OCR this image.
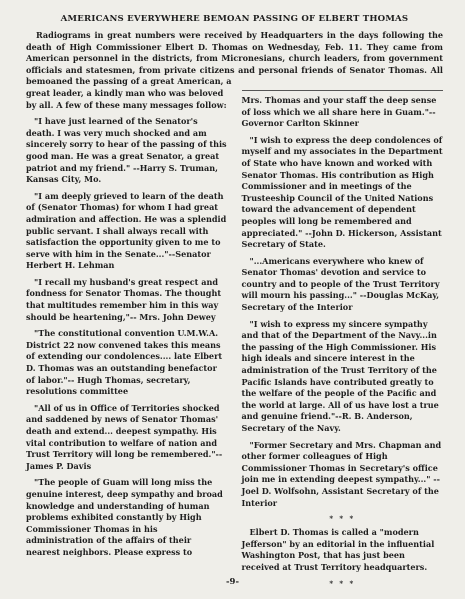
AMERICANS EVERYWHERE BEMOAN PASSING OF ELBERT THOMAS

Radiograms in great numbers were received by Headquarters in the days following the death of High Commissioner Elbert D. Thomas on Wednesday, Feb. 11. They came from American personnel in the districts, from Micronesians, church leaders, from government officials and statesmen, from private citizens and personal friends of Senator Thomas. All bemoaned the passing of a great American, a

great leader, a kindly man who was beloved by all. A few of these many messages follow:

"I have just learned of the Senator's death. I was very much shocked and am sincerely sorry to hear of the passing of this good man. He was a great Senator, a great patriot and my friend." --Harry S. Truman, Kansas City, Mo.

"I am deeply grieved to learn of the death of (Senator Thomas) for whom I had great admiration and affection. He was a splendid public servant. I shall always recall with satisfaction the opportunity given to me to serve with him in the Senate..."--Senator Herbert H. Lehman

"I recall my husband's great respect and fondness for Senator Thomas. The thought that multitudes remember him in this way should be heartening,"-- Mrs. John Dewey

"The constitutional convention U.M.W.A. District 22 now convened takes this means of extending our condolences.... late Elbert D. Thomas was an outstanding benefactor of labor."-- Hugh Thomas, secretary, resolutions committee

"All of us in Office of Territories shocked and saddened by news of Senator Thomas' death and extend... deepest sympathy. His vital contribution to welfare of nation and Trust Territory will long be remembered."--James P. Davis

"The people of Guam will long miss the genuine interest, deep sympathy and broad knowledge and understanding of human problems exhibited constantly by High Commissioner Thomas in his administration of the affairs of their nearest neighbors. Please express to

Mrs. Thomas and your staff the deep sense of loss which we all share here in Guam."--Governor Carlton Skinner

"I wish to express the deep condolences of myself and my associates in the Department of State who have known and worked with Senator Thomas. His contribution as High Commissioner and in meetings of the Trusteeship Council of the United Nations toward the advancement of dependent peoples will long be remembered and appreciated." --John D. Hickerson, Assistant Secretary of State.

"...Americans everywhere who knew of Senator Thomas' devotion and service to country and to people of the Trust Territory will mourn his passing..." --Douglas McKay, Secretary of the Interior

"I wish to express my sincere sympathy and that of the Department of the Navy...in the passing of the High Commissioner. His high ideals and sincere interest in the administration of the Trust Territory of the Pacific Islands have contributed greatly to the welfare of the people of the Pacific and the world at large. All of us have lost a true and genuine friend."--R. B. Anderson, Secretary of the Navy.

"Former Secretary and Mrs. Chapman and other former colleagues of High Commissioner Thomas in Secretary's office join me in extending deepest sympathy..." --Joel D. Wolfsohn, Assistant Secretary of the Interior

* * *

Elbert D. Thomas is called a "modern Jefferson" by an editorial in the influential Washington Post, that has just been received at Trust Territory headquarters.

* * *
-9-
